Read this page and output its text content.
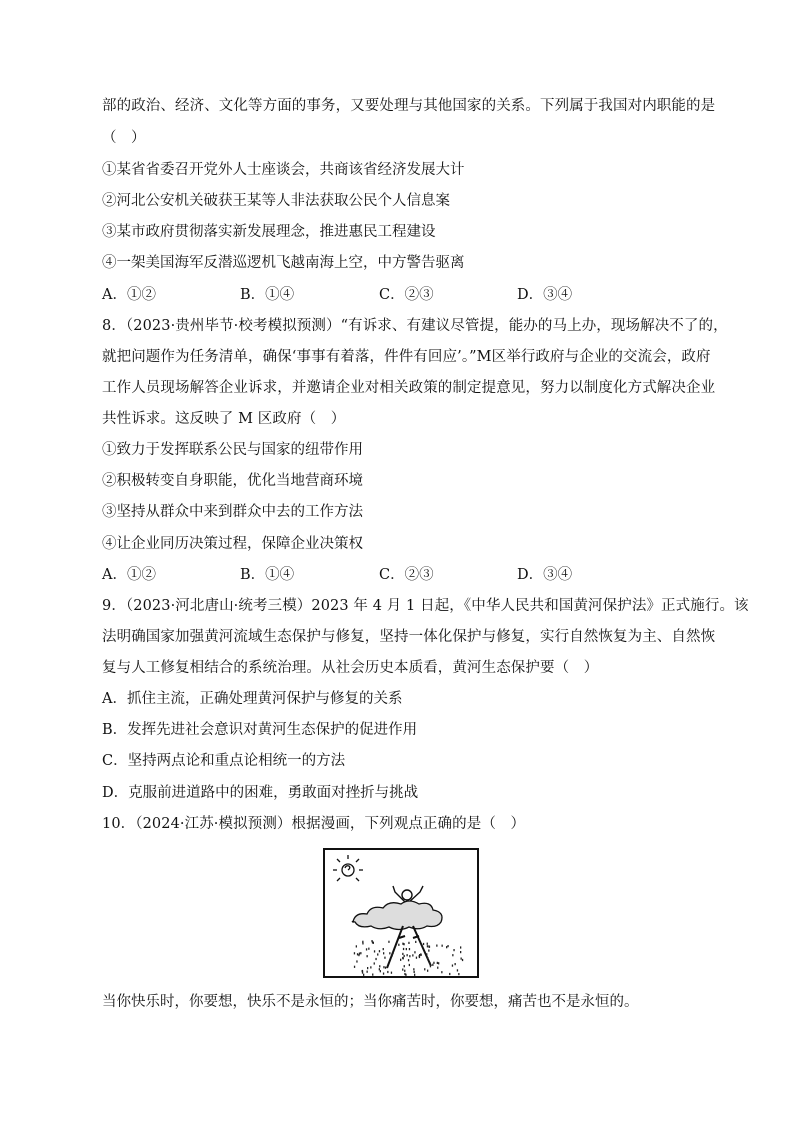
部的政治、经济、文化等方面的事务，又要处理与其他国家的关系。下列属于我国对内职能的是
（　）
①某省省委召开党外人士座谈会，共商该省经济发展大计
②河北公安机关破获王某等人非法获取公民个人信息案
③某市政府贯彻落实新发展理念，推进惠民工程建设
④一架美国海军反潜巡逻机飞越南海上空，中方警告驱离
A．①②	B．①④	C．②③	D．③④
8．（2023·贵州毕节·校考模拟预测）“有诉求、有建议尽管提，能办的马上办，现场解决不了的，
就把问题作为任务清单，确保‘事事有着落，件件有回应’。”M区举行政府与企业的交流会，政府
工作人员现场解答企业诉求，并邀请企业对相关政策的制定提意见，努力以制度化方式解决企业
共性诉求。这反映了 M 区政府（　）
①致力于发挥联系公民与国家的纽带作用
②积极转变自身职能，优化当地营商环境
③坚持从群众中来到群众中去的工作方法
④让企业同历决策过程，保障企业决策权
A．①②	B．①④	C．②③	D．③④
9．（2023·河北唐山·统考三模）2023 年 4 月 1 日起，《中华人民共和国黄河保护法》正式施行。该
法明确国家加强黄河流域生态保护与修复，坚持一体化保护与修复，实行自然恢复为主、自然恢
复与人工修复相结合的系统治理。从社会历史本质看，黄河生态保护要（　）
A．抓住主流，正确处理黄河保护与修复的关系
B．发挥先进社会意识对黄河生态保护的促进作用
C．坚持两点论和重点论相统一的方法
D．克服前进道路中的困难，勇敢面对挫折与挑战
10．（2024·江苏·模拟预测）根据漫画，下列观点正确的是（　）
当你快乐时，你要想，快乐不是永恒的；当你痛苦时，你要想，痛苦也不是永恒的。
